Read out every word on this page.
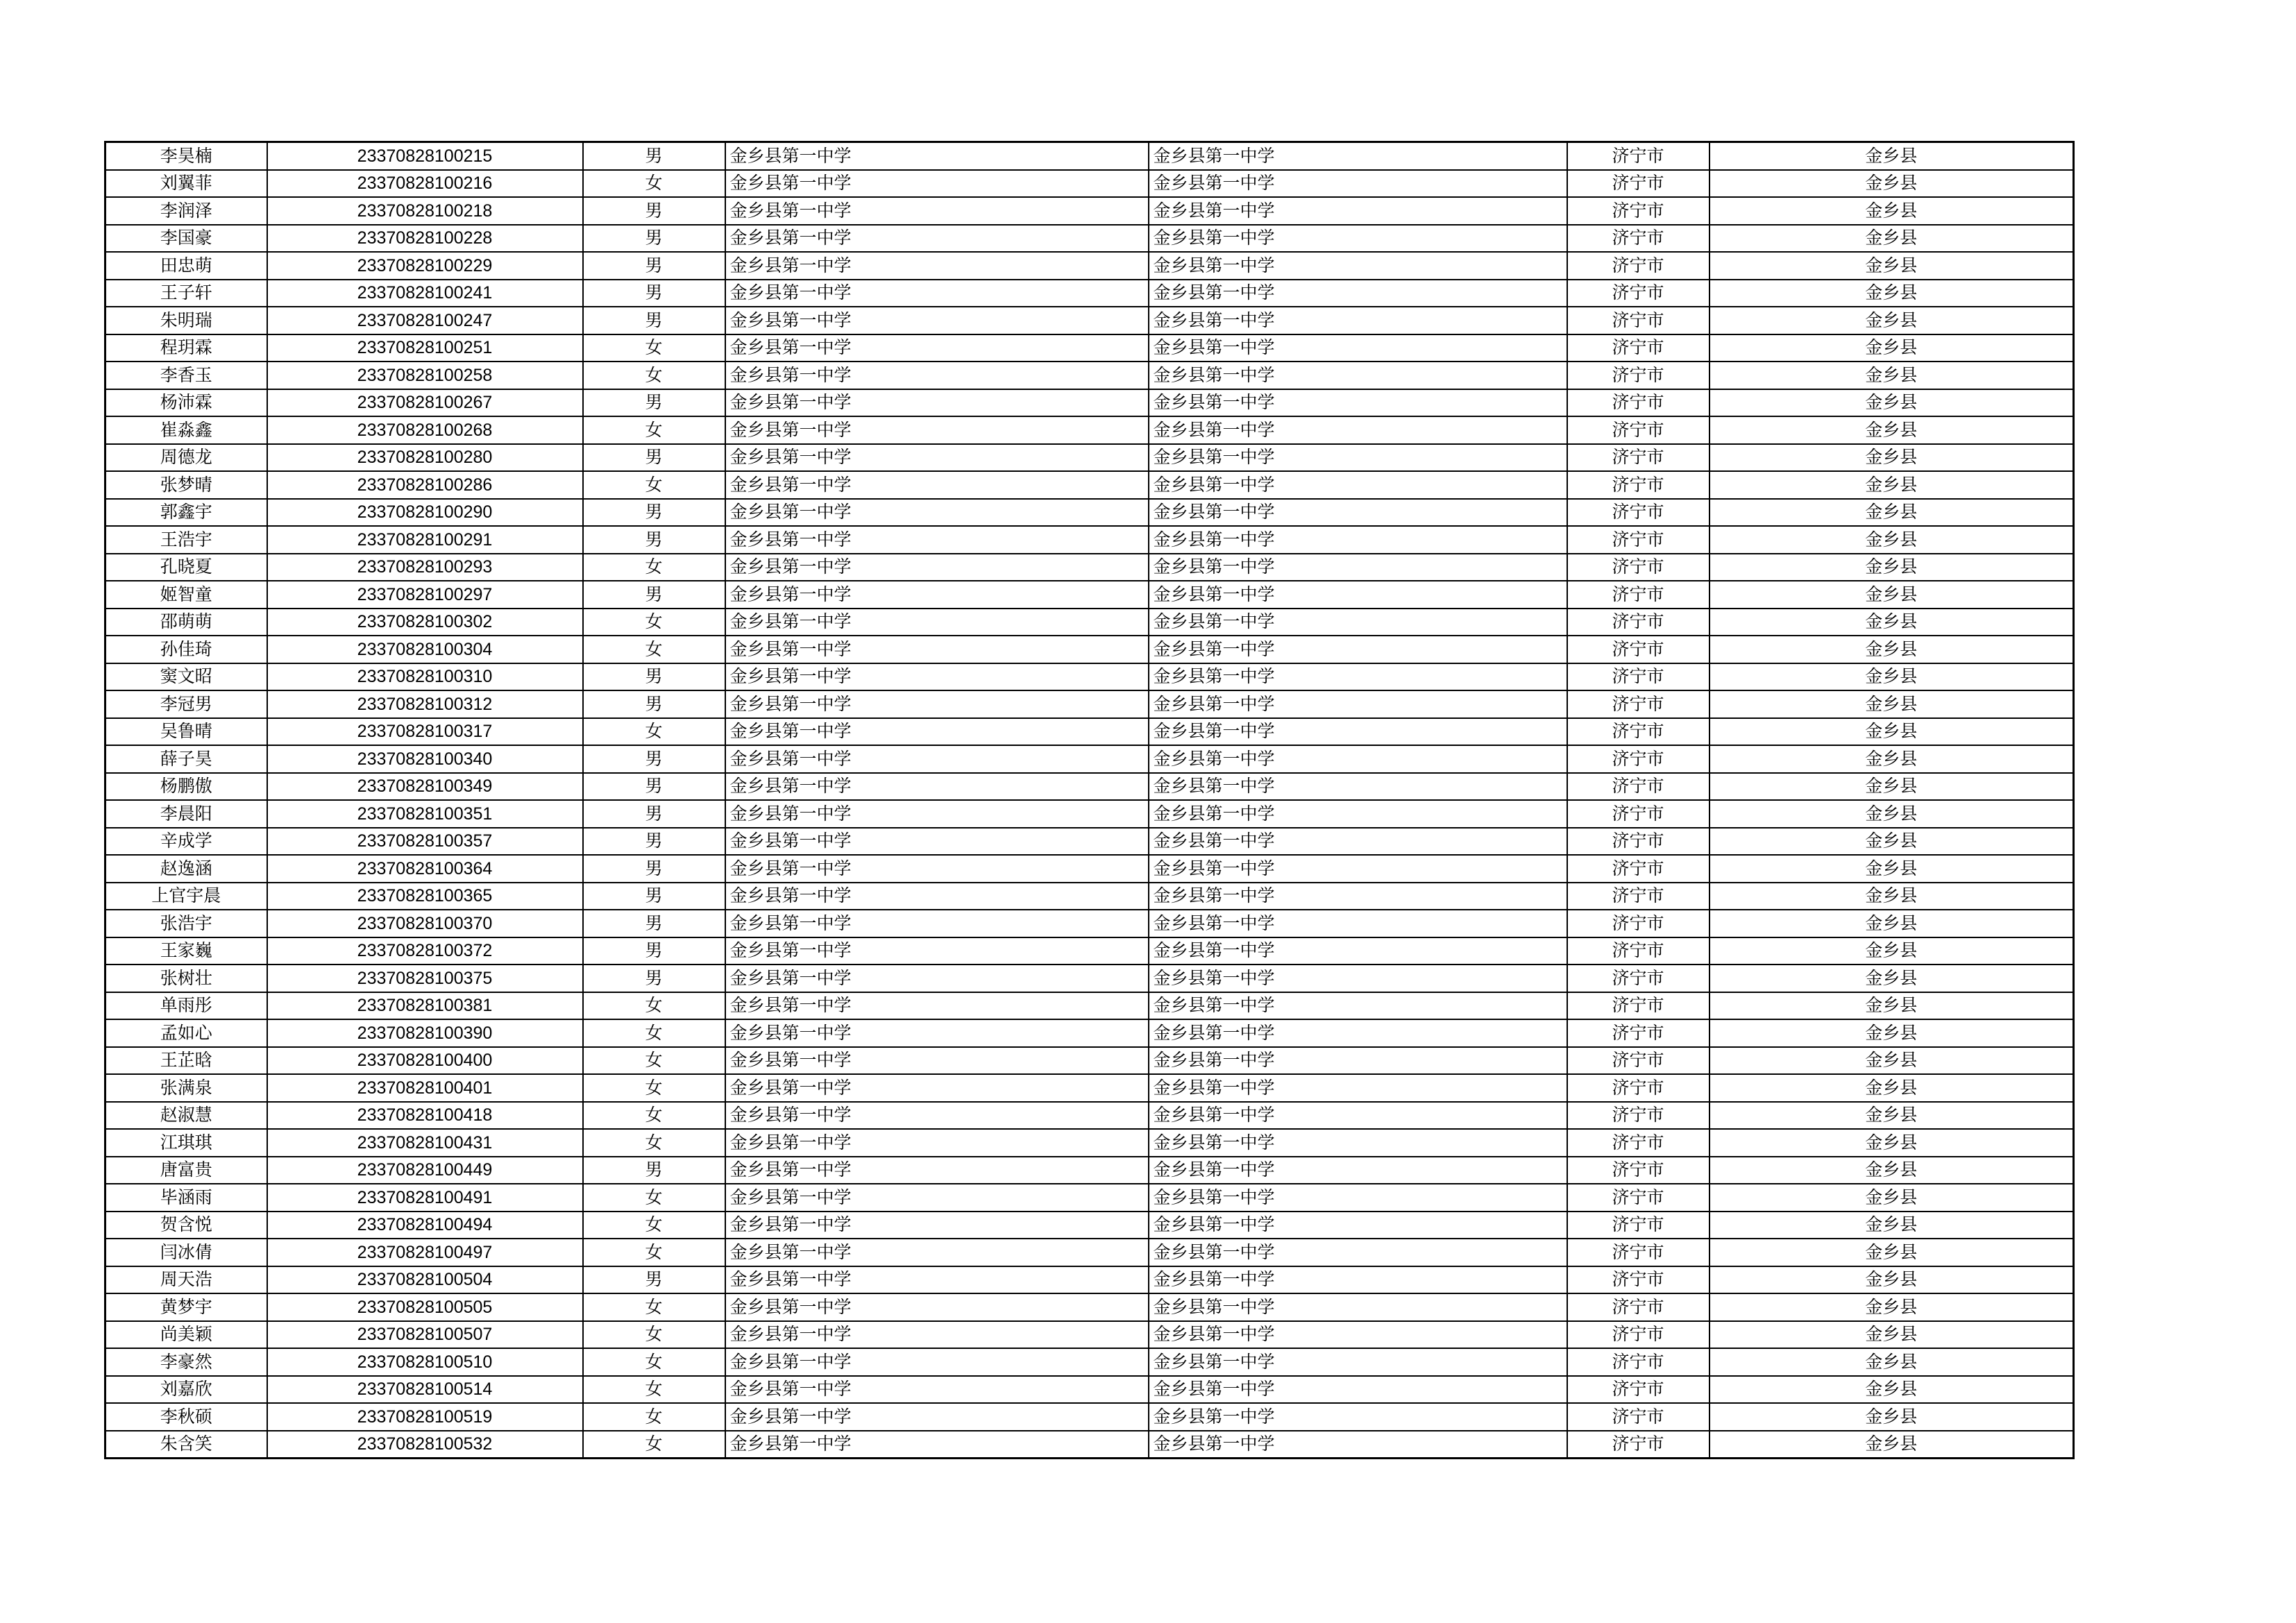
李昊楠	23370828100215	男	金乡县第一中学	金乡县第一中学	济宁市	金乡县
刘翼菲	23370828100216	女	金乡县第一中学	金乡县第一中学	济宁市	金乡县
李润泽	23370828100218	男	金乡县第一中学	金乡县第一中学	济宁市	金乡县
李国豪	23370828100228	男	金乡县第一中学	金乡县第一中学	济宁市	金乡县
田忠萌	23370828100229	男	金乡县第一中学	金乡县第一中学	济宁市	金乡县
王子轩	23370828100241	男	金乡县第一中学	金乡县第一中学	济宁市	金乡县
朱明瑞	23370828100247	男	金乡县第一中学	金乡县第一中学	济宁市	金乡县
程玥霖	23370828100251	女	金乡县第一中学	金乡县第一中学	济宁市	金乡县
李香玉	23370828100258	女	金乡县第一中学	金乡县第一中学	济宁市	金乡县
杨沛霖	23370828100267	男	金乡县第一中学	金乡县第一中学	济宁市	金乡县
崔淼鑫	23370828100268	女	金乡县第一中学	金乡县第一中学	济宁市	金乡县
周德龙	23370828100280	男	金乡县第一中学	金乡县第一中学	济宁市	金乡县
张梦晴	23370828100286	女	金乡县第一中学	金乡县第一中学	济宁市	金乡县
郭鑫宇	23370828100290	男	金乡县第一中学	金乡县第一中学	济宁市	金乡县
王浩宇	23370828100291	男	金乡县第一中学	金乡县第一中学	济宁市	金乡县
孔晓夏	23370828100293	女	金乡县第一中学	金乡县第一中学	济宁市	金乡县
姬智童	23370828100297	男	金乡县第一中学	金乡县第一中学	济宁市	金乡县
邵萌萌	23370828100302	女	金乡县第一中学	金乡县第一中学	济宁市	金乡县
孙佳琦	23370828100304	女	金乡县第一中学	金乡县第一中学	济宁市	金乡县
窦文昭	23370828100310	男	金乡县第一中学	金乡县第一中学	济宁市	金乡县
李冠男	23370828100312	男	金乡县第一中学	金乡县第一中学	济宁市	金乡县
吴鲁晴	23370828100317	女	金乡县第一中学	金乡县第一中学	济宁市	金乡县
薛子昊	23370828100340	男	金乡县第一中学	金乡县第一中学	济宁市	金乡县
杨鹏傲	23370828100349	男	金乡县第一中学	金乡县第一中学	济宁市	金乡县
李晨阳	23370828100351	男	金乡县第一中学	金乡县第一中学	济宁市	金乡县
辛成学	23370828100357	男	金乡县第一中学	金乡县第一中学	济宁市	金乡县
赵逸涵	23370828100364	男	金乡县第一中学	金乡县第一中学	济宁市	金乡县
上官宇晨	23370828100365	男	金乡县第一中学	金乡县第一中学	济宁市	金乡县
张浩宇	23370828100370	男	金乡县第一中学	金乡县第一中学	济宁市	金乡县
王家巍	23370828100372	男	金乡县第一中学	金乡县第一中学	济宁市	金乡县
张树壮	23370828100375	男	金乡县第一中学	金乡县第一中学	济宁市	金乡县
单雨彤	23370828100381	女	金乡县第一中学	金乡县第一中学	济宁市	金乡县
孟如心	23370828100390	女	金乡县第一中学	金乡县第一中学	济宁市	金乡县
王芷晗	23370828100400	女	金乡县第一中学	金乡县第一中学	济宁市	金乡县
张满泉	23370828100401	女	金乡县第一中学	金乡县第一中学	济宁市	金乡县
赵淑慧	23370828100418	女	金乡县第一中学	金乡县第一中学	济宁市	金乡县
江琪琪	23370828100431	女	金乡县第一中学	金乡县第一中学	济宁市	金乡县
唐富贵	23370828100449	男	金乡县第一中学	金乡县第一中学	济宁市	金乡县
毕涵雨	23370828100491	女	金乡县第一中学	金乡县第一中学	济宁市	金乡县
贺含悦	23370828100494	女	金乡县第一中学	金乡县第一中学	济宁市	金乡县
闫冰倩	23370828100497	女	金乡县第一中学	金乡县第一中学	济宁市	金乡县
周天浩	23370828100504	男	金乡县第一中学	金乡县第一中学	济宁市	金乡县
黄梦宇	23370828100505	女	金乡县第一中学	金乡县第一中学	济宁市	金乡县
尚美颖	23370828100507	女	金乡县第一中学	金乡县第一中学	济宁市	金乡县
李豪然	23370828100510	女	金乡县第一中学	金乡县第一中学	济宁市	金乡县
刘嘉欣	23370828100514	女	金乡县第一中学	金乡县第一中学	济宁市	金乡县
李秋硕	23370828100519	女	金乡县第一中学	金乡县第一中学	济宁市	金乡县
朱含笑	23370828100532	女	金乡县第一中学	金乡县第一中学	济宁市	金乡县
